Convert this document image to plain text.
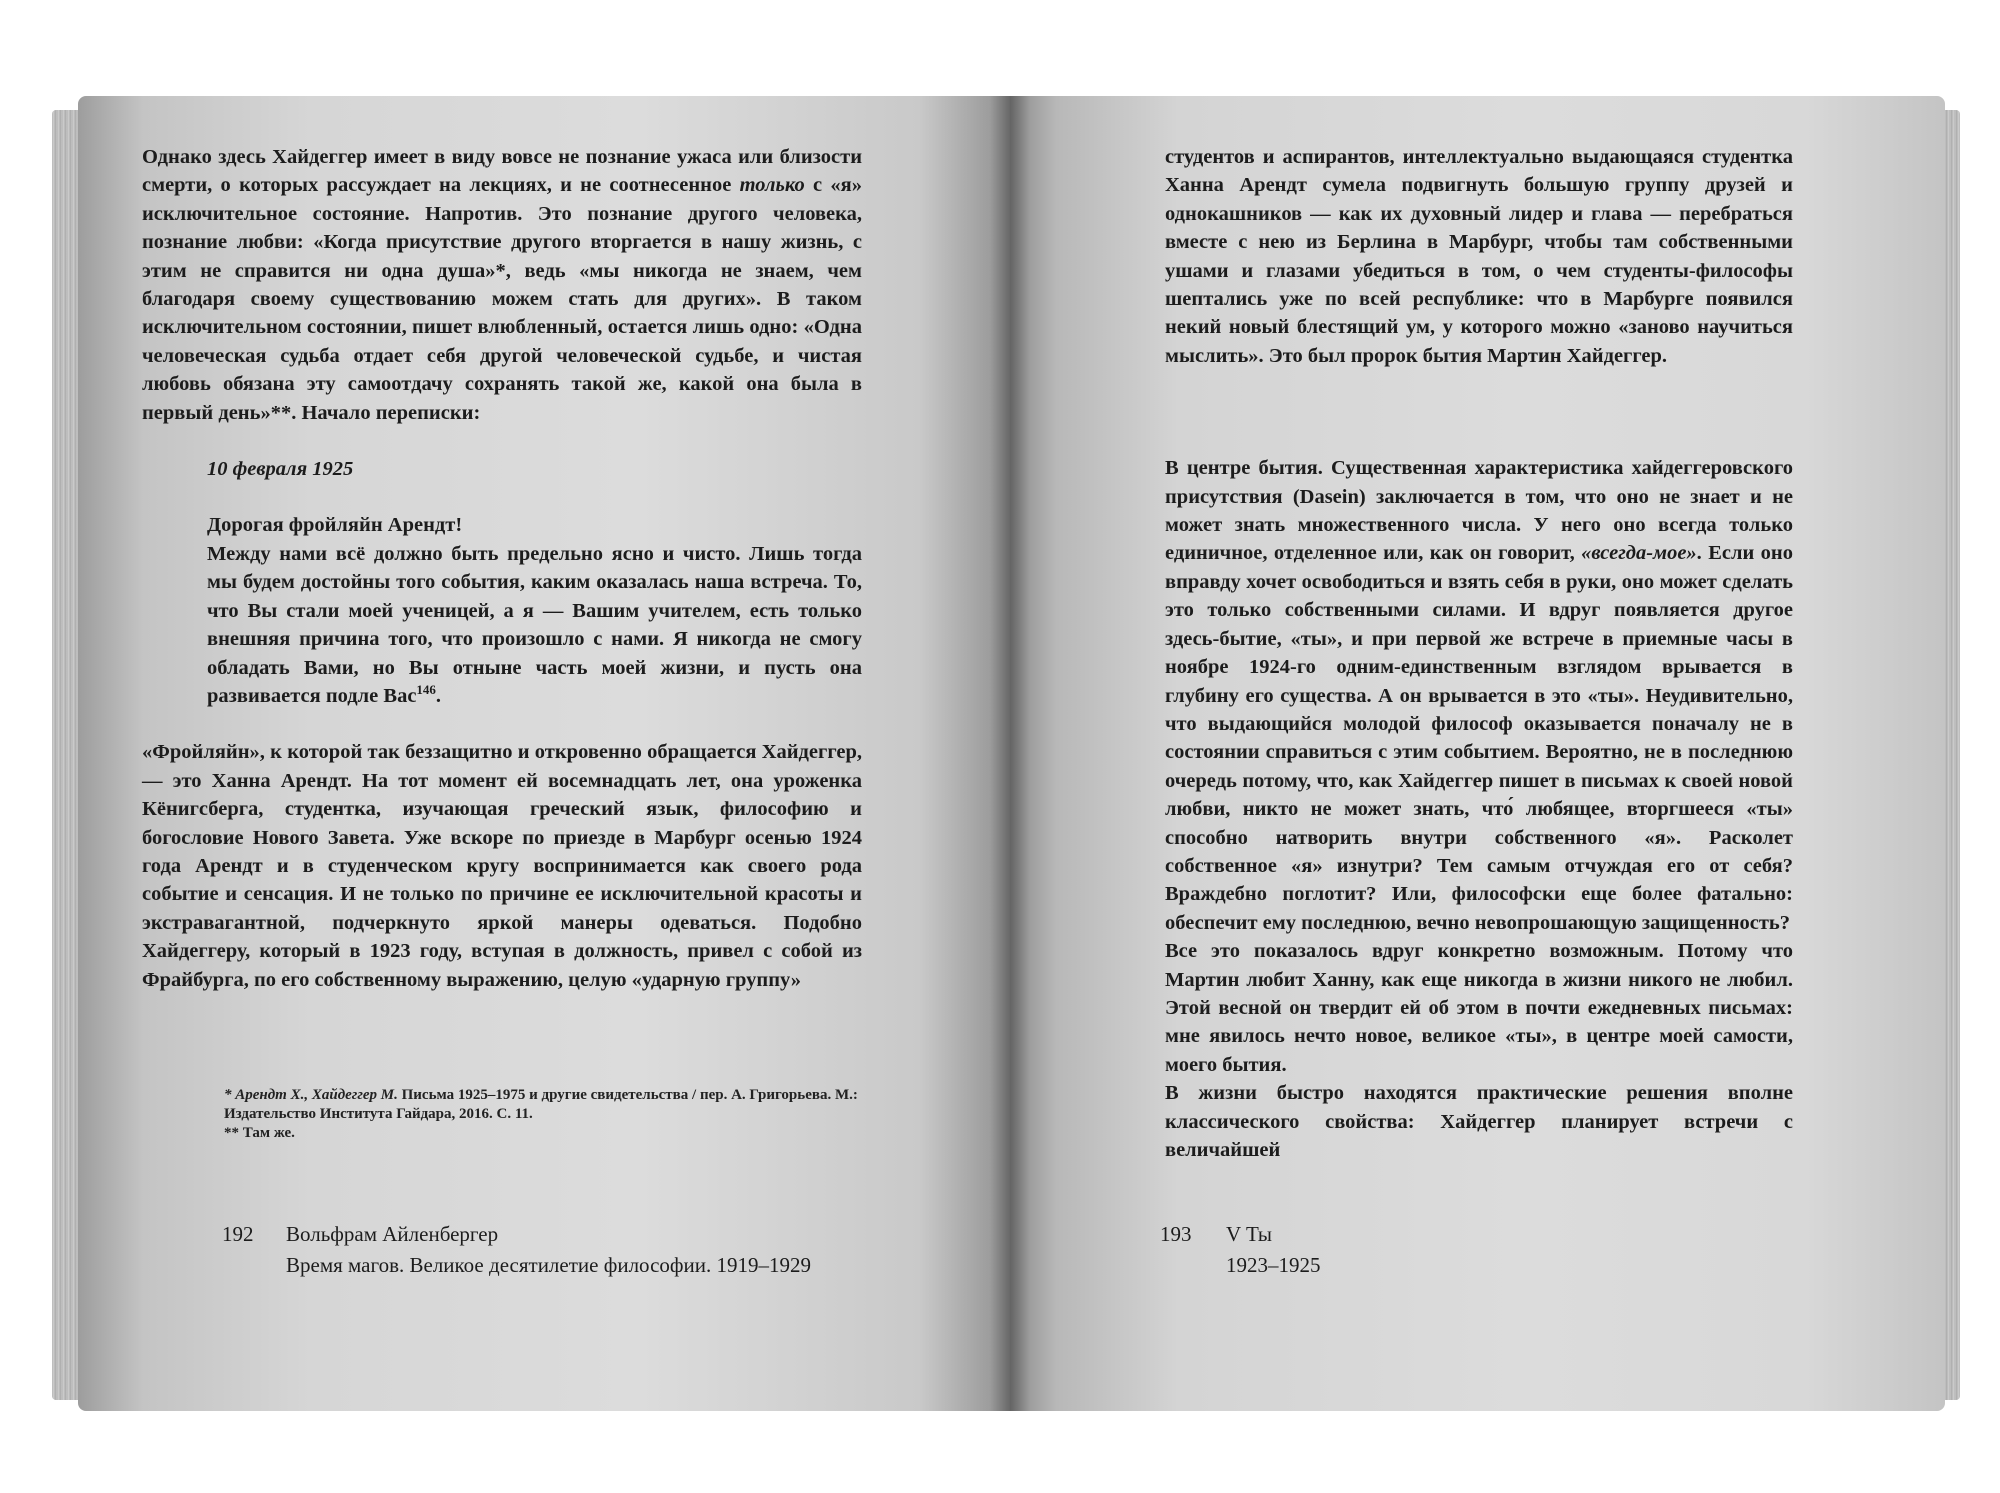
Однако здесь Хайдеггер имеет в виду вовсе не познание ужаса или близости смерти, о которых рассуждает на лекциях, и не соотнесенное только с «я» исключительное состояние. Напротив. Это познание другого человека, познание любви: «Когда присутствие другого вторгается в нашу жизнь, с этим не справится ни одна душа»*, ведь «мы никогда не знаем, чем благодаря своему существованию можем стать для других». В таком исключительном состоянии, пишет влюбленный, остается лишь одно: «Одна человеческая судьба отдает себя другой человеческой судьбе, и чистая любовь обязана эту самоотдачу сохранять такой же, какой она была в первый день»**. Начало переписки:

10 февраля 1925

Дорогая фройляйн Арендт!

Между нами всё должно быть предельно ясно и чисто. Лишь тогда мы будем достойны того события, каким оказалась наша встреча. То, что Вы стали моей ученицей, а я — Вашим учителем, есть только внешняя причина того, что произошло с нами. Я никогда не смогу обладать Вами, но Вы отныне часть моей жизни, и пусть она развивается подле Вас$^{146}$.

«Фройляйн», к которой так беззащитно и откровенно обращается Хайдеггер, — это Ханна Арендт. На тот момент ей восемнадцать лет, она уроженка Кёнигсберга, студентка, изучающая греческий язык, философию и богословие Нового Завета. Уже вскоре по приезде в Марбург осенью 1924 года Арендт и в студенческом кругу воспринимается как своего рода событие и сенсация. И не только по причине ее исключительной красоты и экстравагантной, подчеркнуто яркой манеры одеваться. Подобно Хайдеггеру, который в 1923 году, вступая в должность, привел с собой из Фрайбурга, по его собственному выражению, целую «ударную группу»

* Арендт Х., Хайдеггер М. Письма 1925–1975 и другие свидетельства / пер. А. Григорьева. М.: Издательство Института Гайдара, 2016. С. 11.
** Там же.
192 Вольфрам Айленбергер
Время магов. Великое десятилетие философии. 1919–1929

студентов и аспирантов, интеллектуально выдающаяся студентка Ханна Арендт сумела подвигнуть большую группу друзей и однокашников — как их духовный лидер и глава — перебраться вместе с нею из Берлина в Марбург, чтобы там собственными ушами и глазами убедиться в том, о чем студенты-философы шептались уже по всей республике: что в Марбурге появился некий новый блестящий ум, у которого можно «заново научиться мыслить». Это был пророк бытия Мартин Хайдеггер.

В центре бытия. Существенная характеристика хайдеггеровского присутствия (Dasein) заключается в том, что оно не знает и не может знать множественного числа. У него оно всегда только единичное, отделенное или, как он говорит, «всегда-мое». Если оно вправду хочет освободиться и взять себя в руки, оно может сделать это только собственными силами. И вдруг появляется другое здесь-бытие, «ты», и при первой же встрече в приемные часы в ноябре 1924-го одним-единственным взглядом врывается в глубину его существа. А он врывается в это «ты». Неудивительно, что выдающийся молодой философ оказывается поначалу не в состоянии справиться с этим событием. Вероятно, не в последнюю очередь потому, что, как Хайдеггер пишет в письмах к своей новой любви, никто не может знать, что́ любящее, вторгшееся «ты» способно натворить внутри собственного «я». Расколет собственное «я» изнутри? Тем самым отчуждая его от себя? Враждебно поглотит? Или, философски еще более фатально: обеспечит ему последнюю, вечно невопрошающую защищенность?

Все это показалось вдруг конкретно возможным. Потому что Мартин любит Ханну, как еще никогда в жизни никого не любил. Этой весной он твердит ей об этом в почти ежедневных письмах: мне явилось нечто новое, великое «ты», в центре моей самости, моего бытия.

В жизни быстро находятся практические решения вполне классического свойства: Хайдеггер планирует встречи с величайшей

193 V Ты
1923–1925
